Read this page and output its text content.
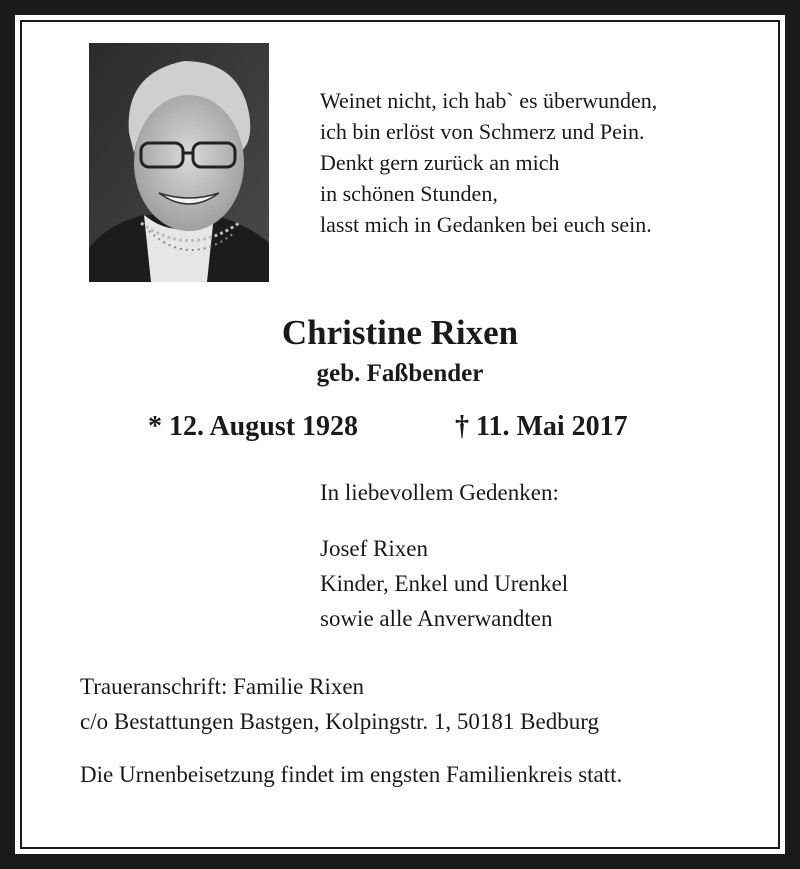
Weinet nicht, ich hab` es überwunden,
ich bin erlöst von Schmerz und Pein.
Denkt gern zurück an mich
in schönen Stunden,
lasst mich in Gedanken bei euch sein.
Christine Rixen
geb. Faßbender
* 12. August 1928	† 11. Mai 2017
In liebevollem Gedenken:
Josef Rixen
Kinder, Enkel und Urenkel
sowie alle Anverwandten
Traueranschrift: Familie Rixen
c/o Bestattungen Bastgen, Kolpingstr. 1, 50181 Bedburg
Die Urnenbeisetzung findet im engsten Familienkreis statt.
